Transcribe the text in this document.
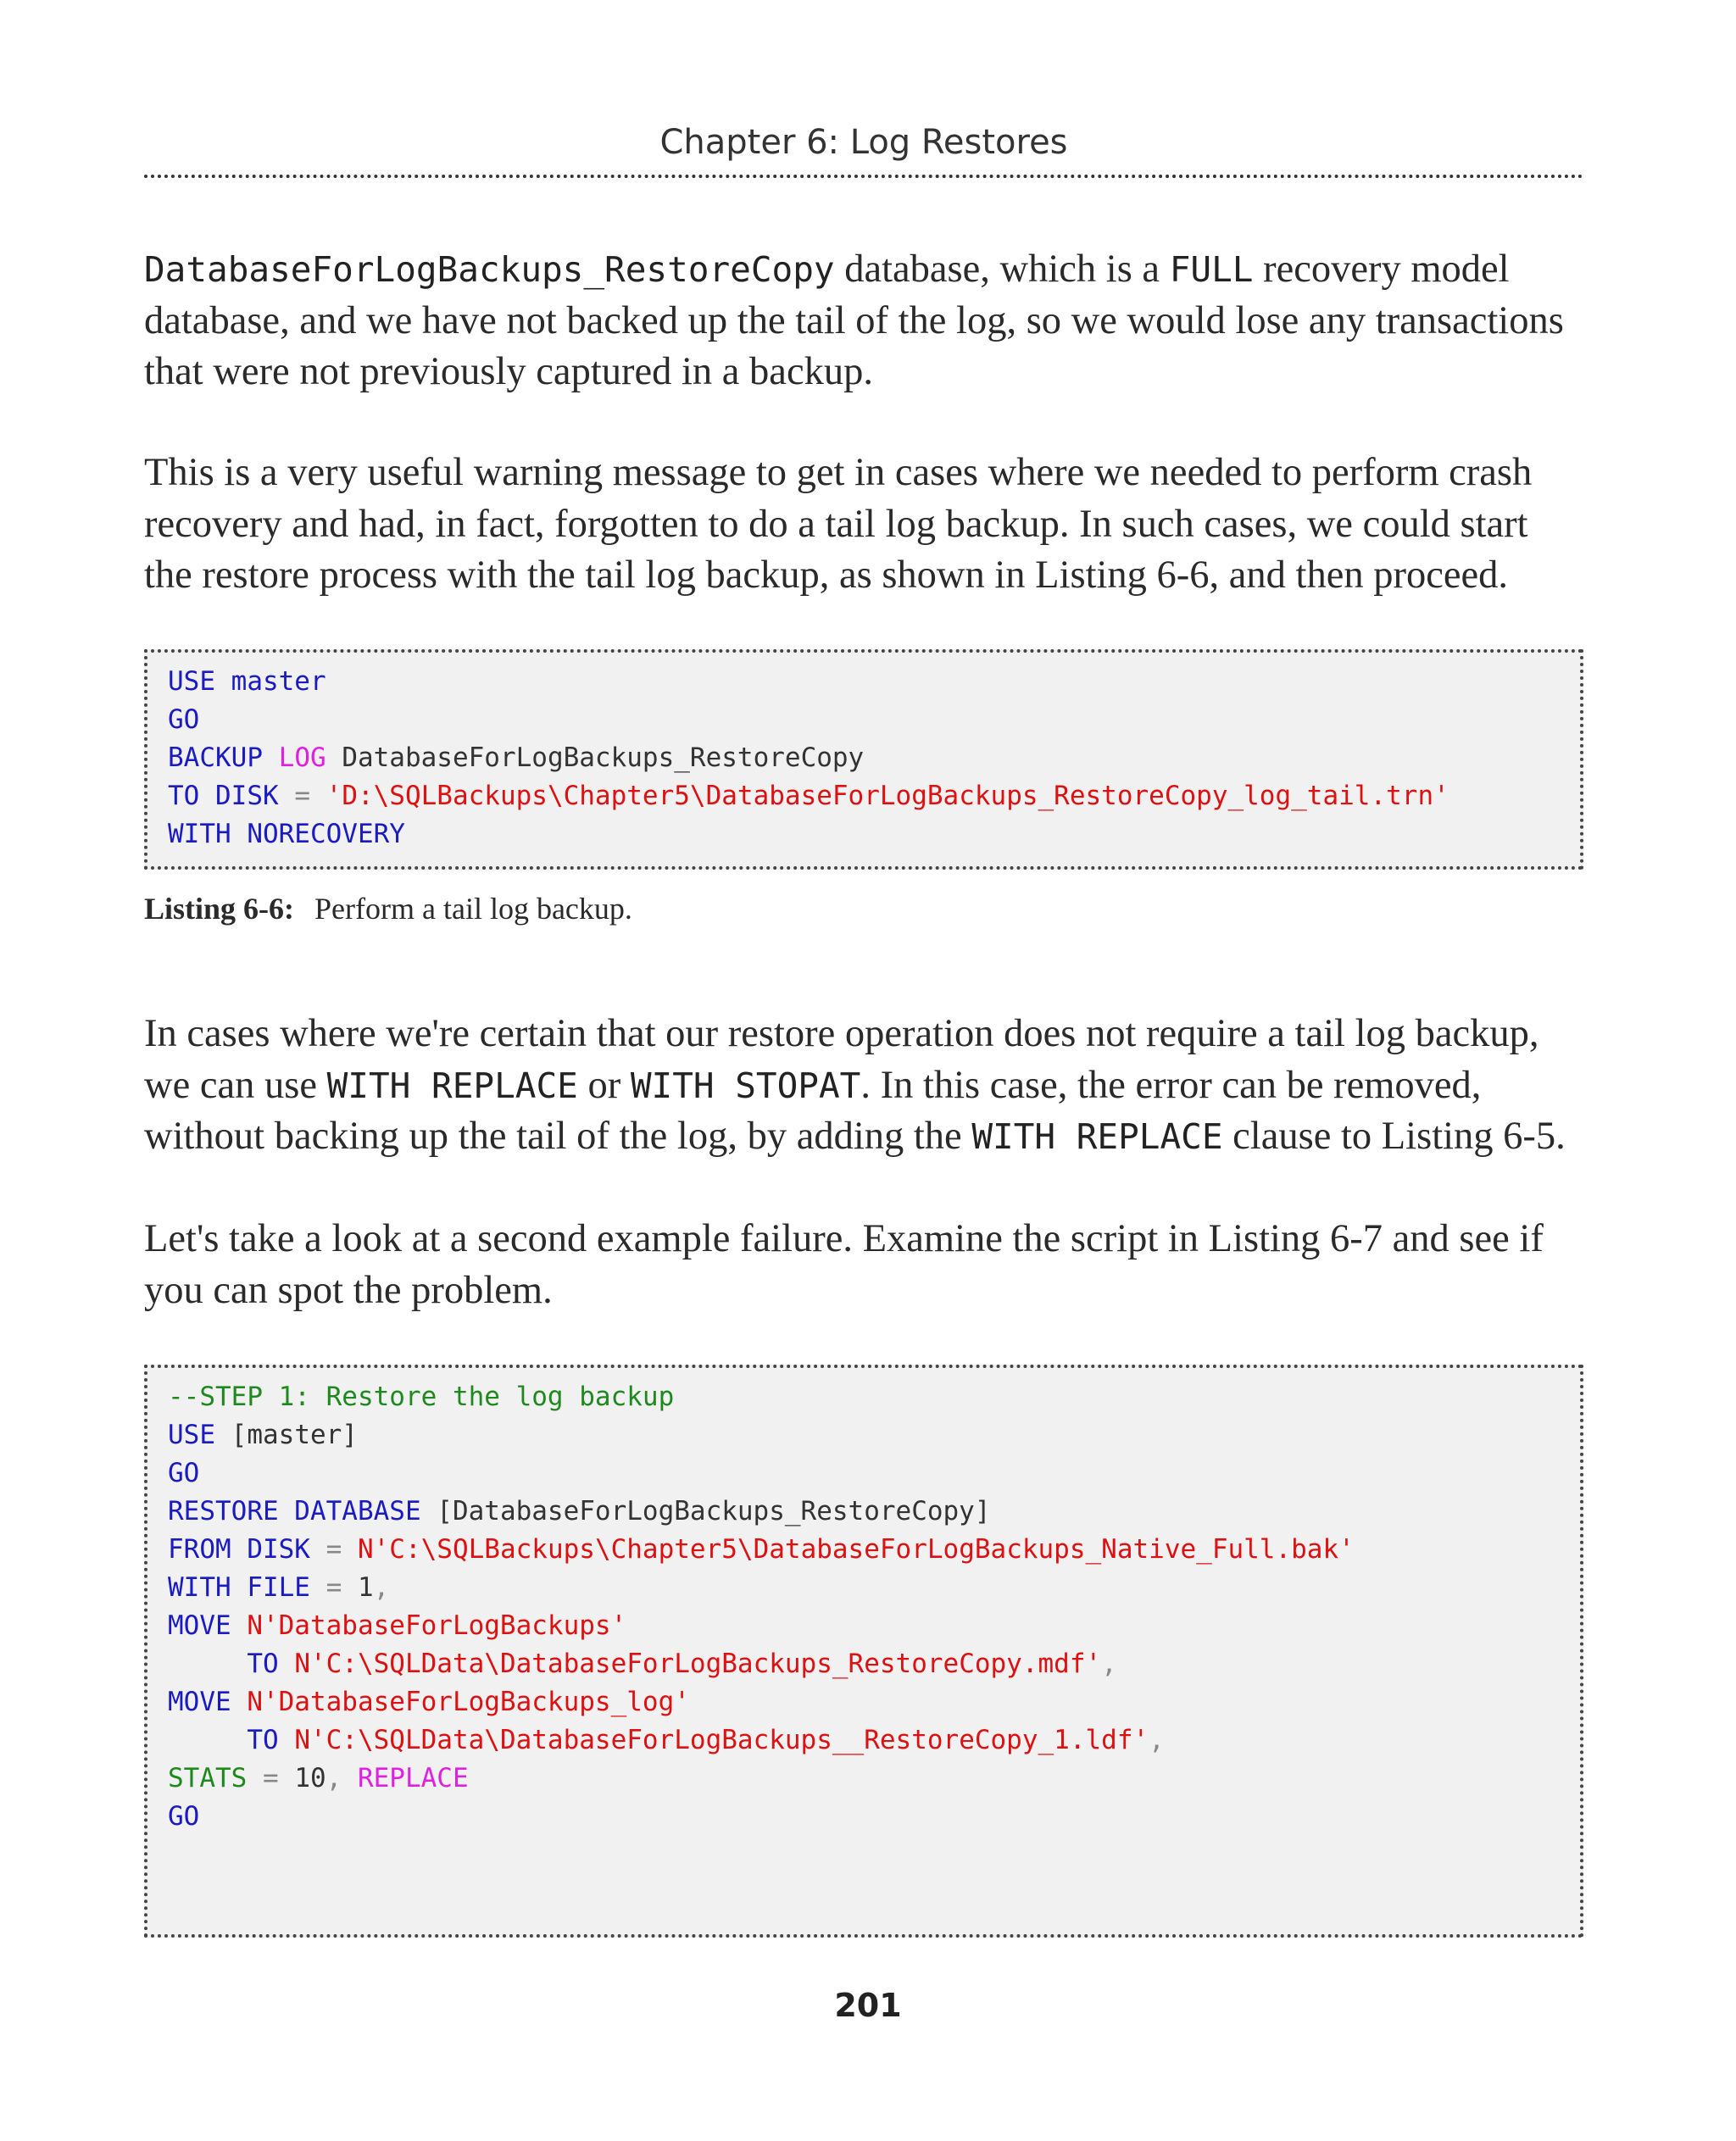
Chapter 6: Log Restores
DatabaseForLogBackups_RestoreCopy database, which is a FULL recovery model
database, and we have not backed up the tail of the log, so we would lose any transactions
that were not previously captured in a backup.
This is a very useful warning message to get in cases where we needed to perform crash
recovery and had, in fact, forgotten to do a tail log backup. In such cases, we could start
the restore process with the tail log backup, as shown in Listing 6-6, and then proceed.
USE master
GO
BACKUP LOG DatabaseForLogBackups_RestoreCopy
TO DISK = 'D:\SQLBackups\Chapter5\DatabaseForLogBackups_RestoreCopy_log_tail.trn'
WITH NORECOVERY
Listing 6-6: Perform a tail log backup.
In cases where we're certain that our restore operation does not require a tail log backup,
we can use WITH REPLACE or WITH STOPAT. In this case, the error can be removed,
without backing up the tail of the log, by adding the WITH REPLACE clause to Listing 6-5.
Let's take a look at a second example failure. Examine the script in Listing 6-7 and see if
you can spot the problem.
--STEP 1: Restore the log backup
USE [master]
GO
RESTORE DATABASE [DatabaseForLogBackups_RestoreCopy]
FROM DISK = N'C:\SQLBackups\Chapter5\DatabaseForLogBackups_Native_Full.bak'
WITH FILE = 1,
MOVE N'DatabaseForLogBackups'
TO N'C:\SQLData\DatabaseForLogBackups_RestoreCopy.mdf',
MOVE N'DatabaseForLogBackups_log'
TO N'C:\SQLData\DatabaseForLogBackups__RestoreCopy_1.ldf',
STATS = 10, REPLACE
GO
201
